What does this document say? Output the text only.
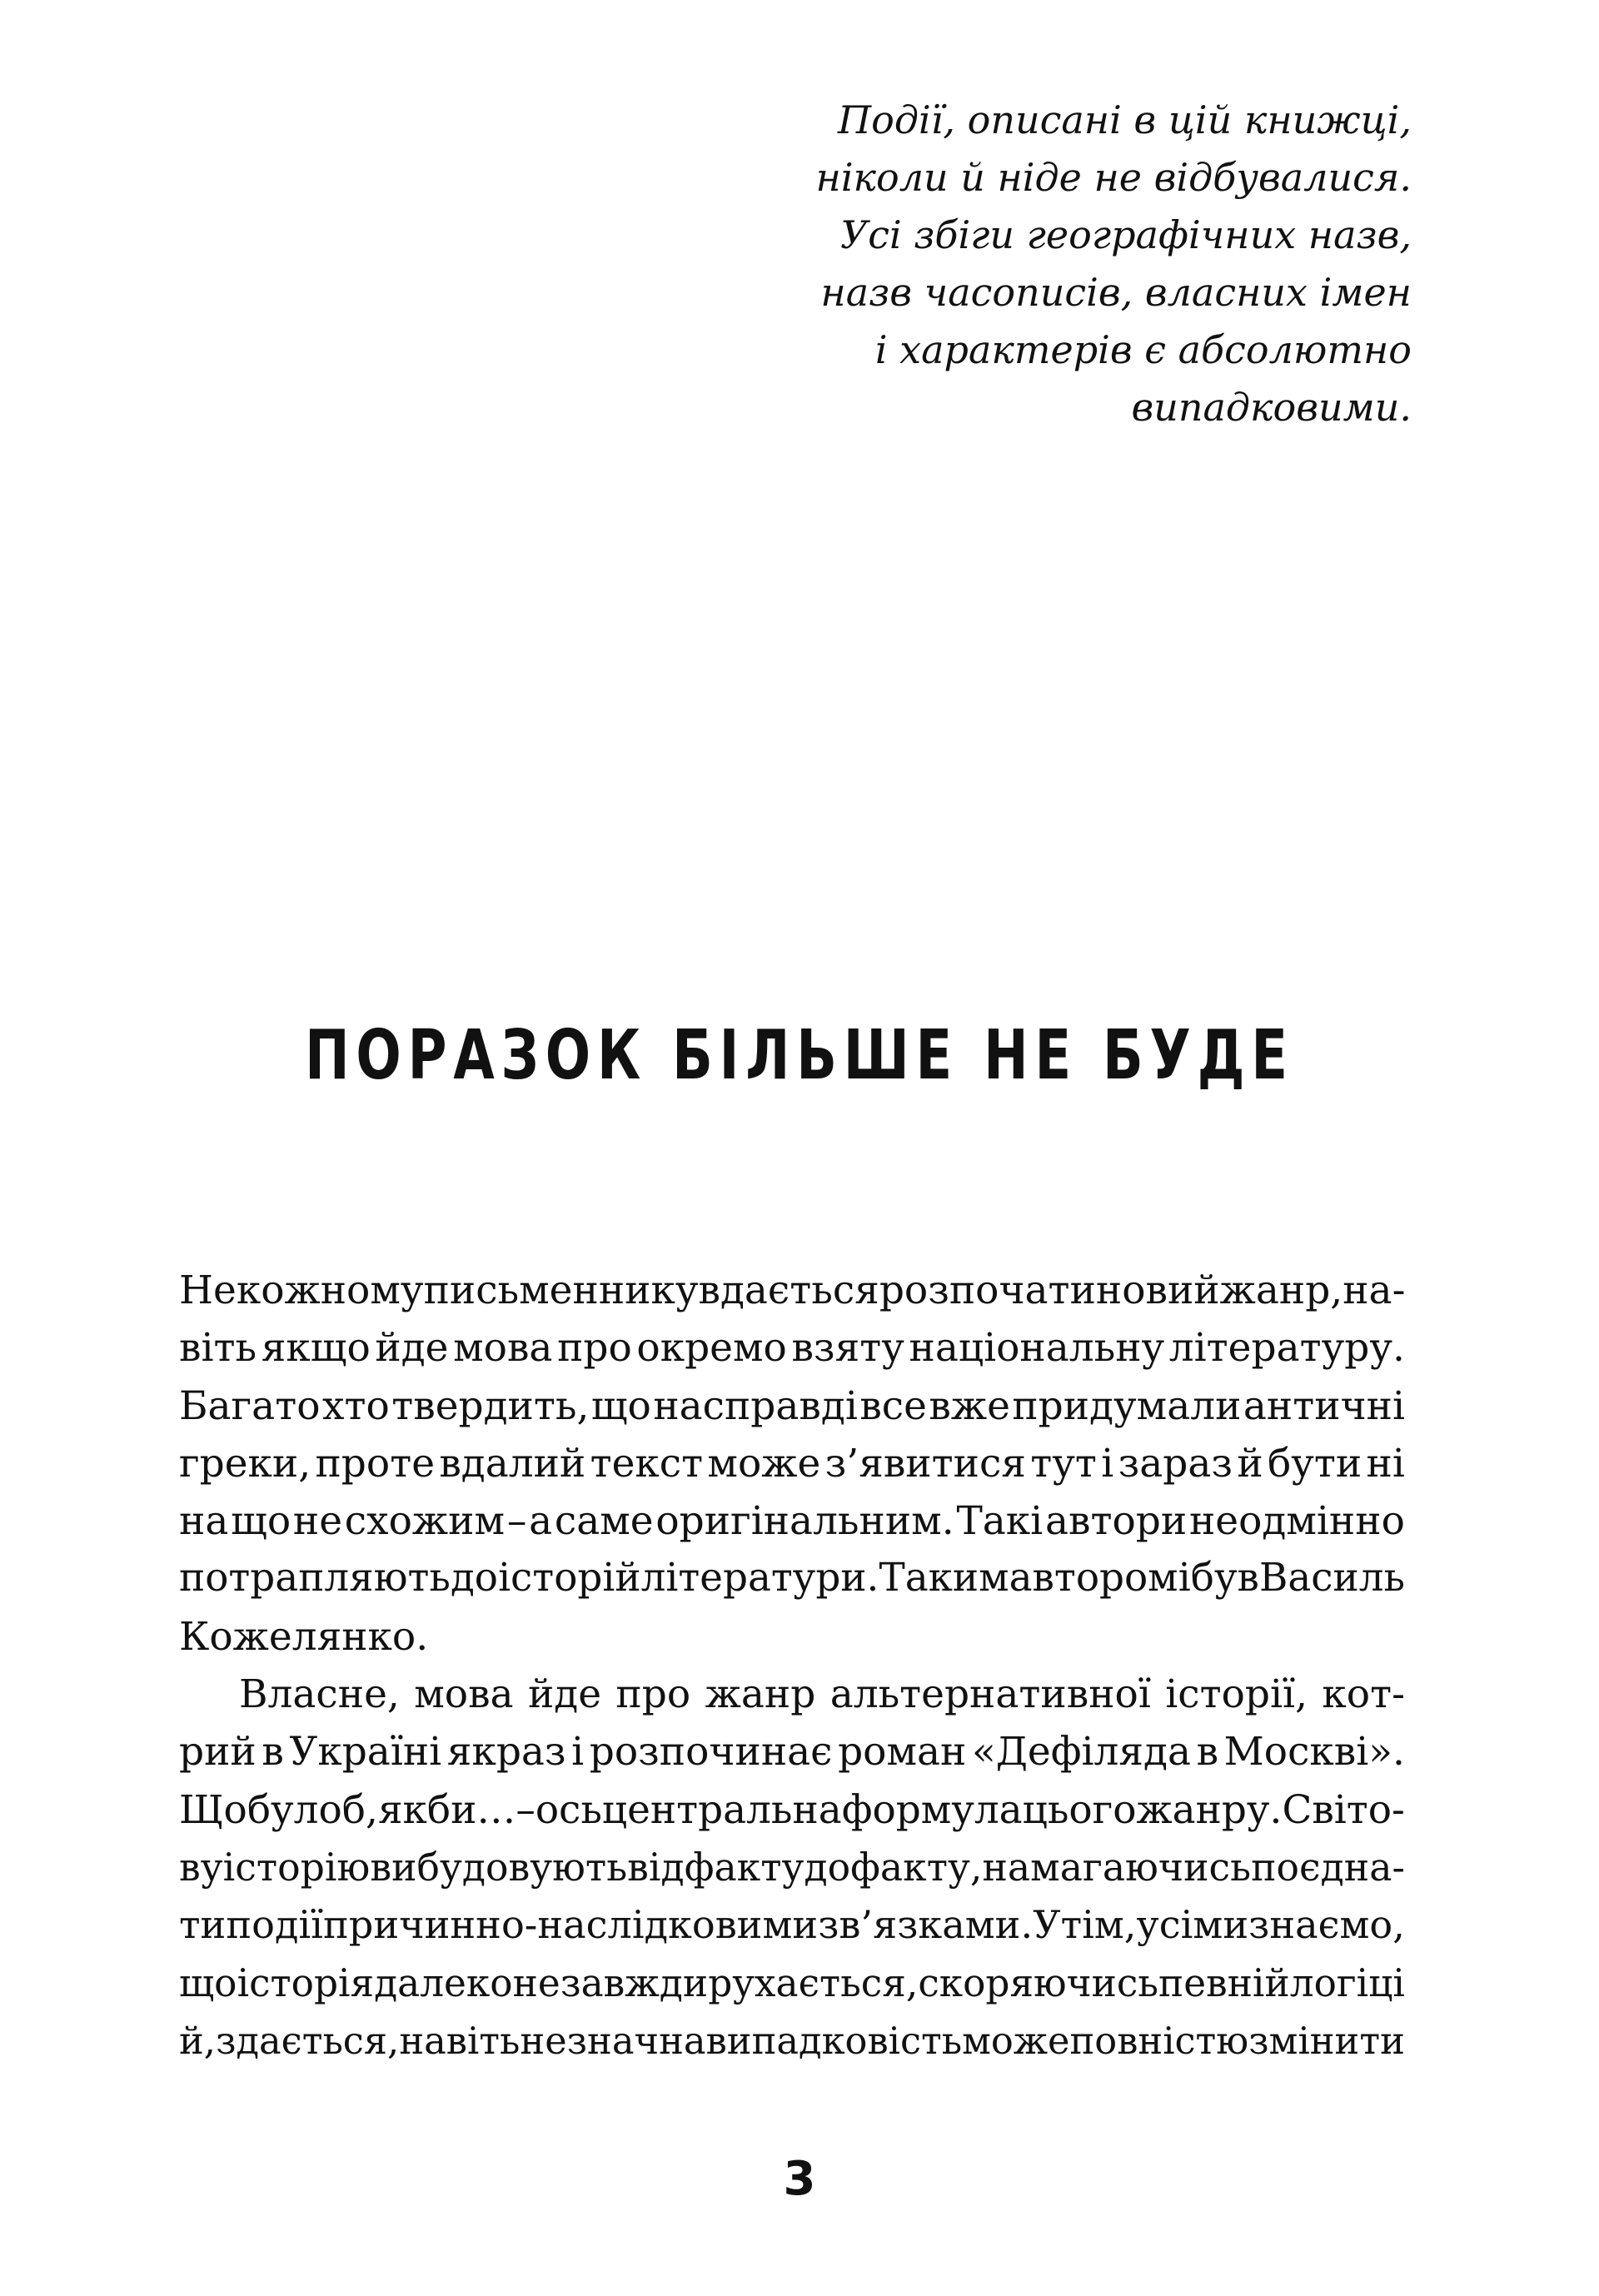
Події, описані в цій книжці,
ніколи й ніде не відбувалися.
Усі збіги географічних назв,
назв часописів, власних імен
і характерів є абсолютно
випадковими.
ПОРАЗОК БІЛЬШЕ НЕ БУДЕ
Не кожному письменнику вдається розпочати новий жанр, на-
віть якщо йде мова про окремо взяту національну літературу.
Багато хто твердить, що насправді все вже придумали античні
греки, проте вдалий текст може з’явитися тут і зараз й бути ні
на що не схожим – а саме оригінальним. Такі автори неодмінно
потрапляють до історій літератури. Таким автором і був Василь
Кожелянко.
Власне, мова йде про жанр альтернативної історії, кот-
рий в Україні якраз і розпочинає роман «Дефіляда в Москві».
Що було б, якби… – ось центральна формула цього жанру. Світо-
ву історію вибудовують від факту до факту, намагаючись поєдна-
ти події причинно-наслідковими зв’язками. Утім, усі ми знаємо,
що історія далеко не завжди рухається, скоряючись певній логіці
й, здається, навіть незначна випадковість може повністю змінити
3
